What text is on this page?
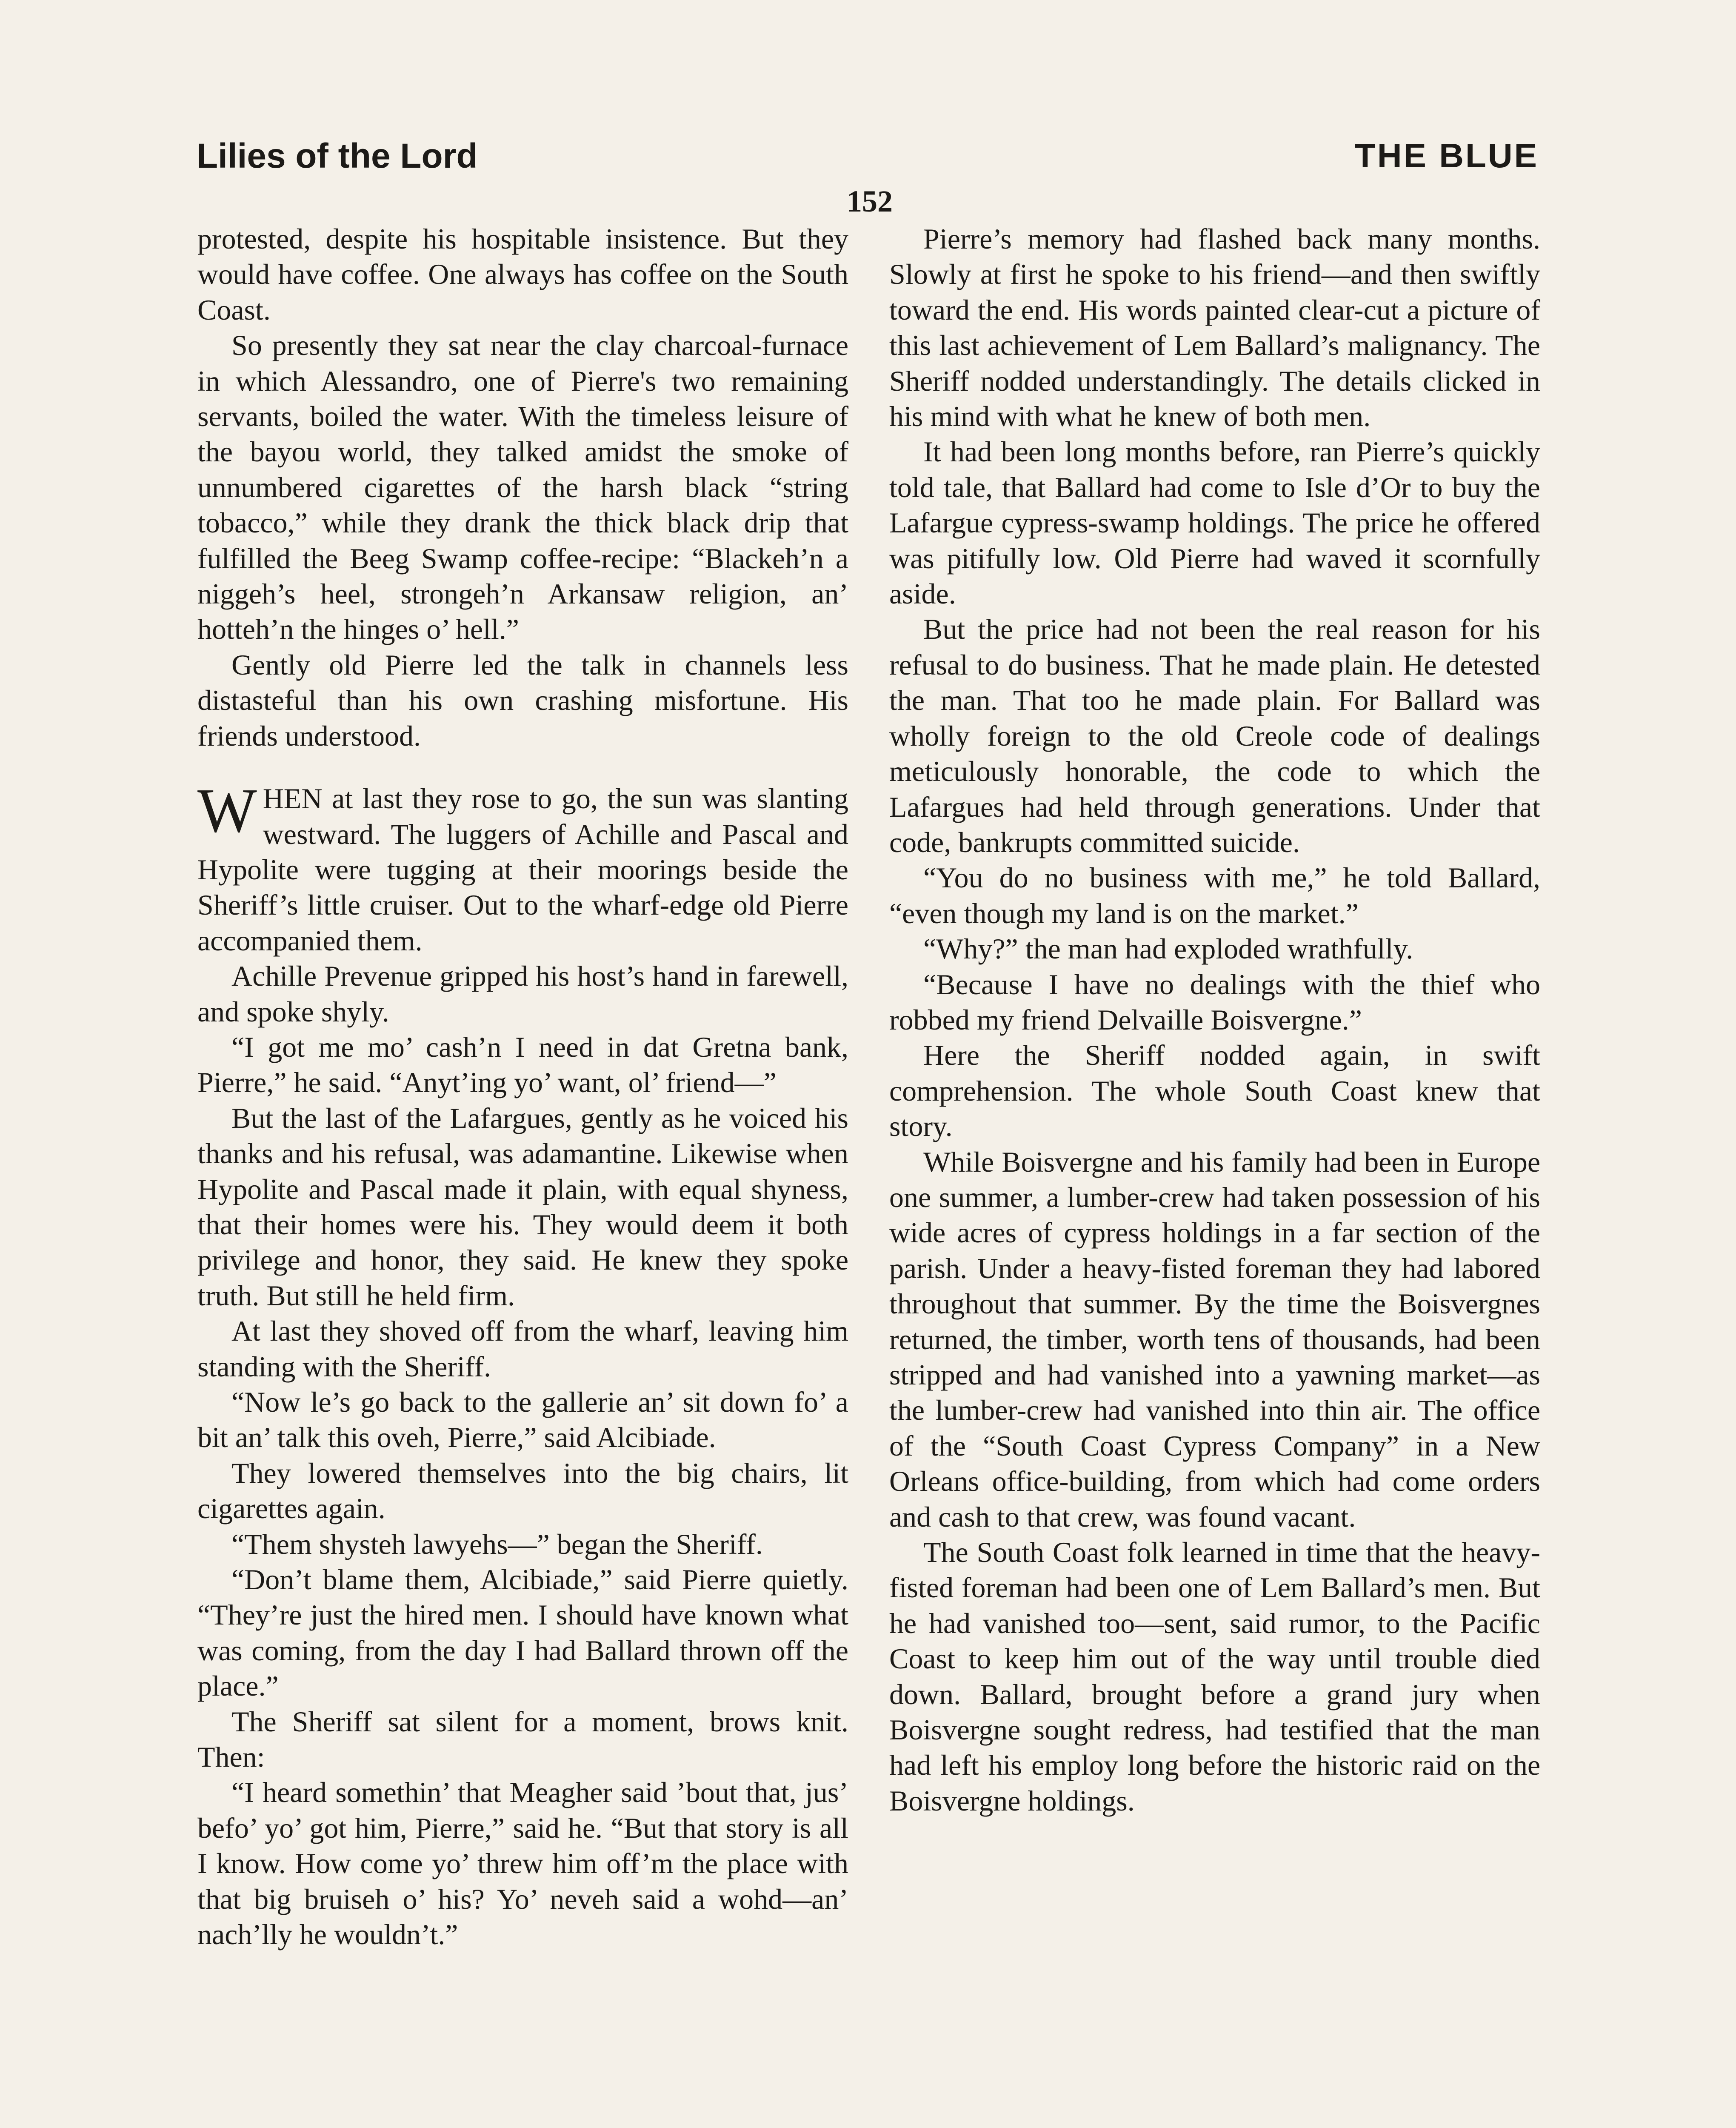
Lilies of the Lord	THE BLUE
152

protested, despite his hospitable insistence. But they would have coffee. One always has coffee on the South Coast.

So presently they sat near the clay charcoal-furnace in which Alessandro, one of Pierre's two remaining servants, boiled the water. With the timeless leisure of the bayou world, they talked amidst the smoke of unnumbered cigarettes of the harsh black “string tobacco,” while they drank the thick black drip that fulfilled the Beeg Swamp coffee-recipe: “Blackeh’n a niggeh’s heel, strongeh’n Arkansaw religion, an’ hotteh’n the hinges o’ hell.”

Gently old Pierre led the talk in channels less distasteful than his own crashing misfortune. His friends understood.

WHEN at last they rose to go, the sun was slanting westward. The luggers of Achille and Pascal and Hypolite were tugging at their moorings beside the Sheriff’s little cruiser. Out to the wharf-edge old Pierre accompanied them.

Achille Prevenue gripped his host’s hand in farewell, and spoke shyly.

“I got me mo’ cash’n I need in dat Gretna bank, Pierre,” he said. “Anyt’ing yo’ want, ol’ friend—”

But the last of the Lafargues, gently as he voiced his thanks and his refusal, was adamantine. Likewise when Hypolite and Pascal made it plain, with equal shyness, that their homes were his. They would deem it both privilege and honor, they said. He knew they spoke truth. But still he held firm.

At last they shoved off from the wharf, leaving him standing with the Sheriff.

“Now le’s go back to the gallerie an’ sit down fo’ a bit an’ talk this oveh, Pierre,” said Alcibiade.

They lowered themselves into the big chairs, lit cigarettes again.

“Them shysteh lawyehs—” began the Sheriff.

“Don’t blame them, Alcibiade,” said Pierre quietly. “They’re just the hired men. I should have known what was coming, from the day I had Ballard thrown off the place.”

The Sheriff sat silent for a moment, brows knit. Then:

“I heard somethin’ that Meagher said ’bout that, jus’ befo’ yo’ got him, Pierre,” said he. “But that story is all I know. How come yo’ threw him off’m the place with that big bruiseh o’ his? Yo’ neveh said a wohd—an’ nach’lly he wouldn’t.”

Pierre’s memory had flashed back many months. Slowly at first he spoke to his friend—and then swiftly toward the end. His words painted clear-cut a picture of this last achievement of Lem Ballard’s malignancy. The Sheriff nodded understandingly. The details clicked in his mind with what he knew of both men.

It had been long months before, ran Pierre’s quickly told tale, that Ballard had come to Isle d’Or to buy the Lafargue cypress-swamp holdings. The price he offered was pitifully low. Old Pierre had waved it scornfully aside.

But the price had not been the real reason for his refusal to do business. That he made plain. He detested the man. That too he made plain. For Ballard was wholly foreign to the old Creole code of dealings meticulously honorable, the code to which the Lafargues had held through generations. Under that code, bankrupts committed suicide.

“You do no business with me,” he told Ballard, “even though my land is on the market.”

“Why?” the man had exploded wrathfully.

“Because I have no dealings with the thief who robbed my friend Delvaille Boisvergne.”

Here the Sheriff nodded again, in swift comprehension. The whole South Coast knew that story.

While Boisvergne and his family had been in Europe one summer, a lumber-crew had taken possession of his wide acres of cypress holdings in a far section of the parish. Under a heavy-fisted foreman they had labored throughout that summer. By the time the Boisvergnes returned, the timber, worth tens of thousands, had been stripped and had vanished into a yawning market—as the lumber-crew had vanished into thin air. The office of the “South Coast Cypress Company” in a New Orleans office-building, from which had come orders and cash to that crew, was found vacant.

The South Coast folk learned in time that the heavy-fisted foreman had been one of Lem Ballard’s men. But he had vanished too—sent, said rumor, to the Pacific Coast to keep him out of the way until trouble died down. Ballard, brought before a grand jury when Boisvergne sought redress, had testified that the man had left his employ long before the historic raid on the Boisvergne holdings.
